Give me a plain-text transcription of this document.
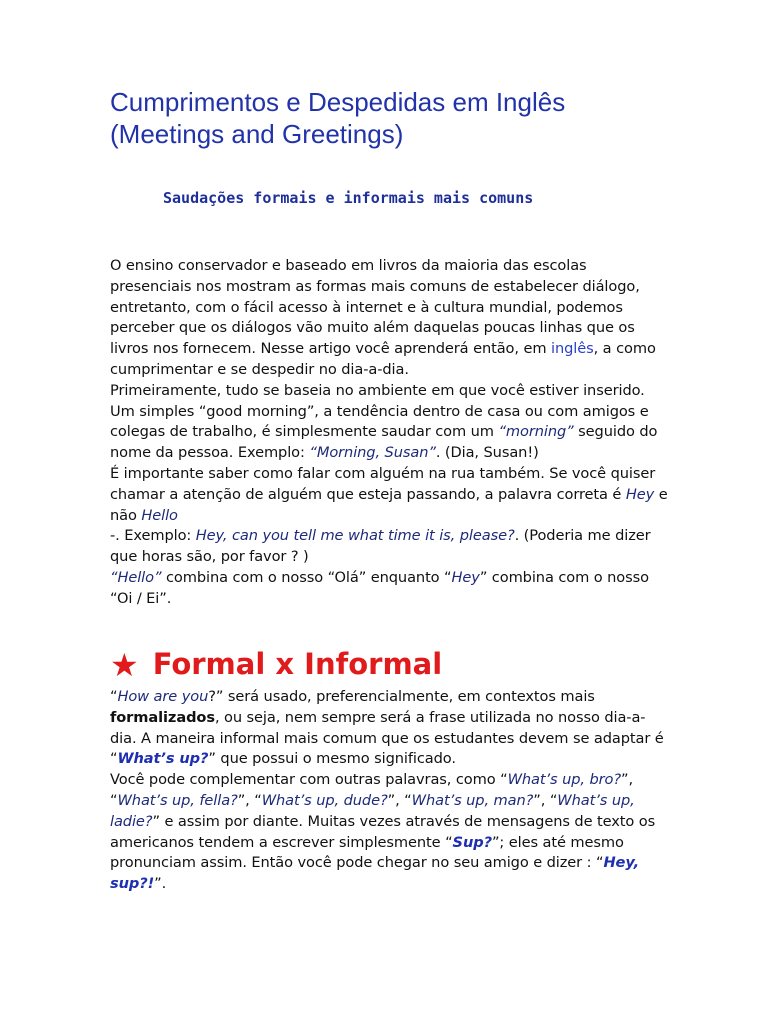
Cumprimentos e Despedidas em Inglês
(Meetings and Greetings)
Saudações formais e informais mais comuns

O ensino conservador e baseado em livros da maioria das escolas presenciais nos mostram as formas mais comuns de estabelecer diálogo, entretanto, com o fácil acesso à internet e à cultura mundial, podemos perceber que os diálogos vão muito além daquelas poucas linhas que os livros nos fornecem. Nesse artigo você aprenderá então, em inglês, a como cumprimentar e se despedir no dia-a-dia.

Primeiramente, tudo se baseia no ambiente em que você estiver inserido. Um simples “good morning”, a tendência dentro de casa ou com amigos e colegas de trabalho, é simplesmente saudar com um “morning” seguido do nome da pessoa. Exemplo: “Morning, Susan”. (Dia, Susan!)

É importante saber como falar com alguém na rua também. Se você quiser chamar a atenção de alguém que esteja passando, a palavra correta é Hey e não Hello

-. Exemplo: Hey, can you tell me what time it is, please?. (Poderia me dizer que horas são, por favor ? )

“Hello” combina com o nosso “Olá” enquanto “Hey” combina com o nosso “Oi / Ei”.

★ Formal x Informal

“How are you?” será usado, preferencialmente, em contextos mais formalizados, ou seja, nem sempre será a frase utilizada no nosso dia-a-dia. A maneira informal mais comum que os estudantes devem se adaptar é “What’s up?” que possui o mesmo significado.

Você pode complementar com outras palavras, como “What’s up, bro?”, “What’s up, fella?”, “What’s up, dude?”, “What’s up, man?”, “What’s up, ladie?” e assim por diante. Muitas vezes através de mensagens de texto os americanos tendem a escrever simplesmente “Sup?”; eles até mesmo pronunciam assim. Então você pode chegar no seu amigo e dizer : “Hey, sup?!”.
